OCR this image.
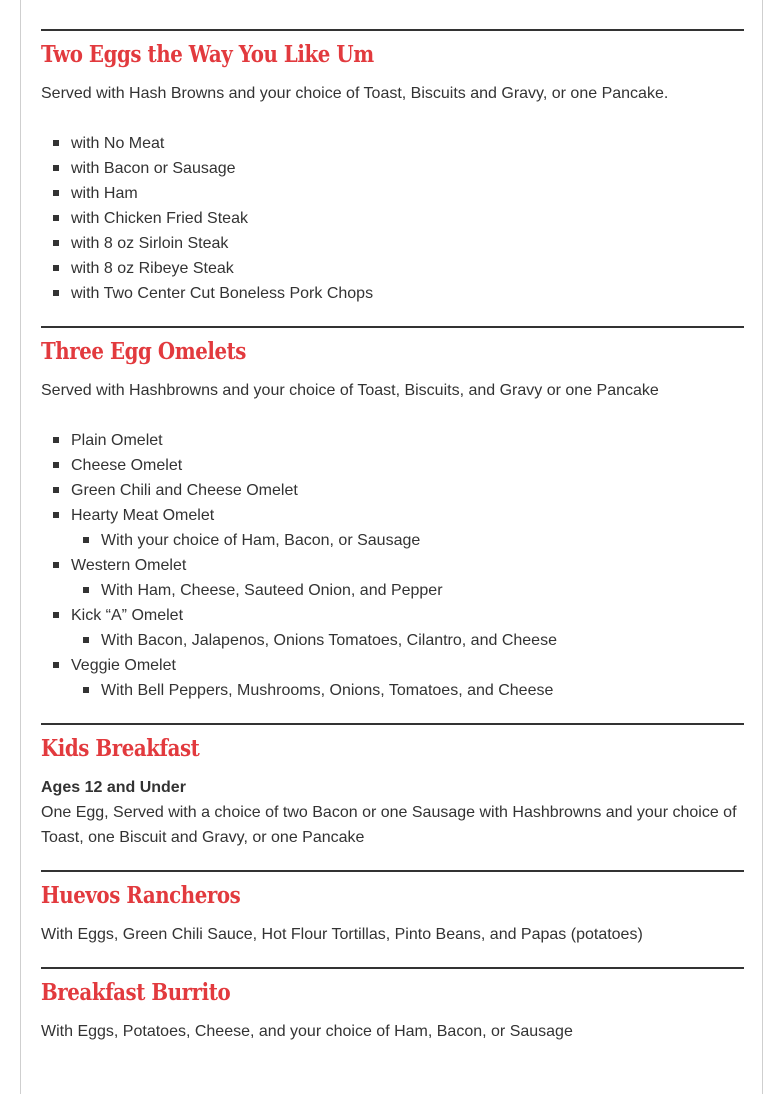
Two Eggs the Way You Like Um

Served with Hash Browns and your choice of Toast, Biscuits and Gravy, or one Pancake.

with No Meat
with Bacon or Sausage
with Ham
with Chicken Fried Steak
with 8 oz Sirloin Steak
with 8 oz Ribeye Steak
with Two Center Cut Boneless Pork Chops
Three Egg Omelets

Served with Hashbrowns and your choice of Toast, Biscuits, and Gravy or one Pancake

Plain Omelet
Cheese Omelet
Green Chili and Cheese Omelet
Hearty Meat Omelet
With your choice of Ham, Bacon, or Sausage
Western Omelet
With Ham, Cheese, Sauteed Onion, and Pepper
Kick “A” Omelet
With Bacon, Jalapenos, Onions Tomatoes, Cilantro, and Cheese
Veggie Omelet
With Bell Peppers, Mushrooms, Onions, Tomatoes, and Cheese
Kids Breakfast

Ages 12 and Under

One Egg, Served with a choice of two Bacon or one Sausage with Hashbrowns and your choice of Toast, one Biscuit and Gravy, or one Pancake

Huevos Rancheros

With Eggs, Green Chili Sauce, Hot Flour Tortillas, Pinto Beans, and Papas (potatoes)

Breakfast Burrito

With Eggs, Potatoes, Cheese, and your choice of Ham, Bacon, or Sausage
